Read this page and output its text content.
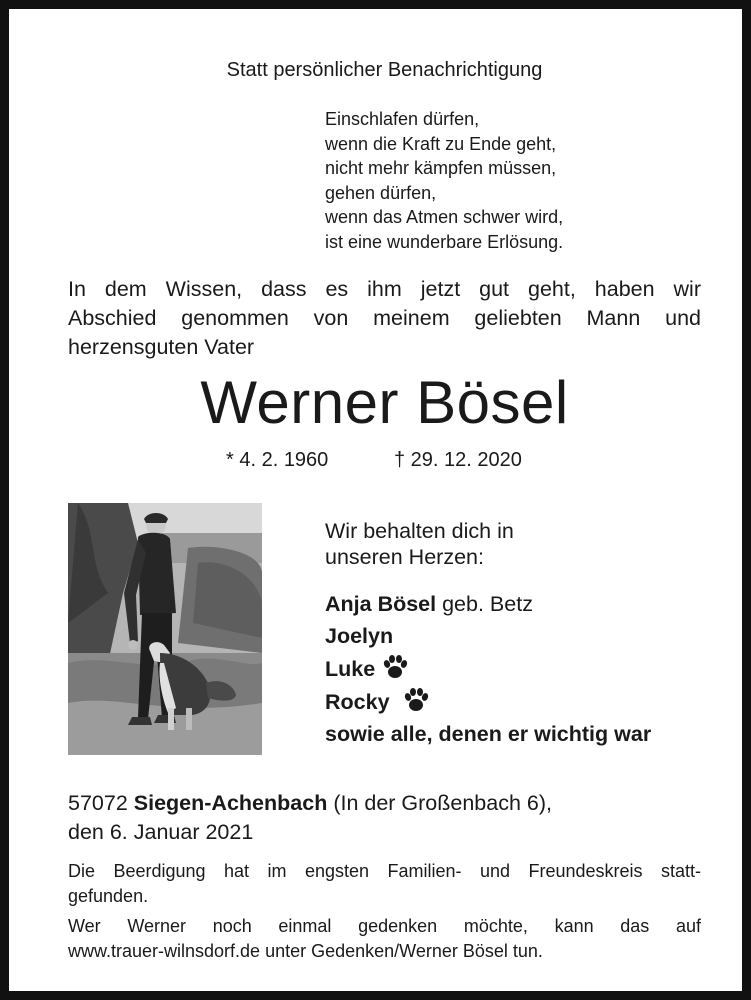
Statt persönlicher Benachrichtigung
Einschlafen dürfen,
wenn die Kraft zu Ende geht,
nicht mehr kämpfen müssen,
gehen dürfen,
wenn das Atmen schwer wird,
ist eine wunderbare Erlösung.
In dem Wissen, dass es ihm jetzt gut geht, haben wir
Abschied genommen von meinem geliebten Mann und
herzensguten Vater
Werner Bösel
* 4. 2. 1960	† 29. 12. 2020
Wir behalten dich in
unseren Herzen:
Anja Bösel geb. Betz
Joelyn
Luke
Rocky
sowie alle, denen er wichtig war
57072 Siegen-Achenbach (In der Großenbach 6),
den 6. Januar 2021
Die Beerdigung hat im engsten Familien- und Freundeskreis statt-
gefunden.
Wer Werner noch einmal gedenken möchte, kann das auf
www.trauer-wilnsdorf.de unter Gedenken/Werner Bösel tun.
